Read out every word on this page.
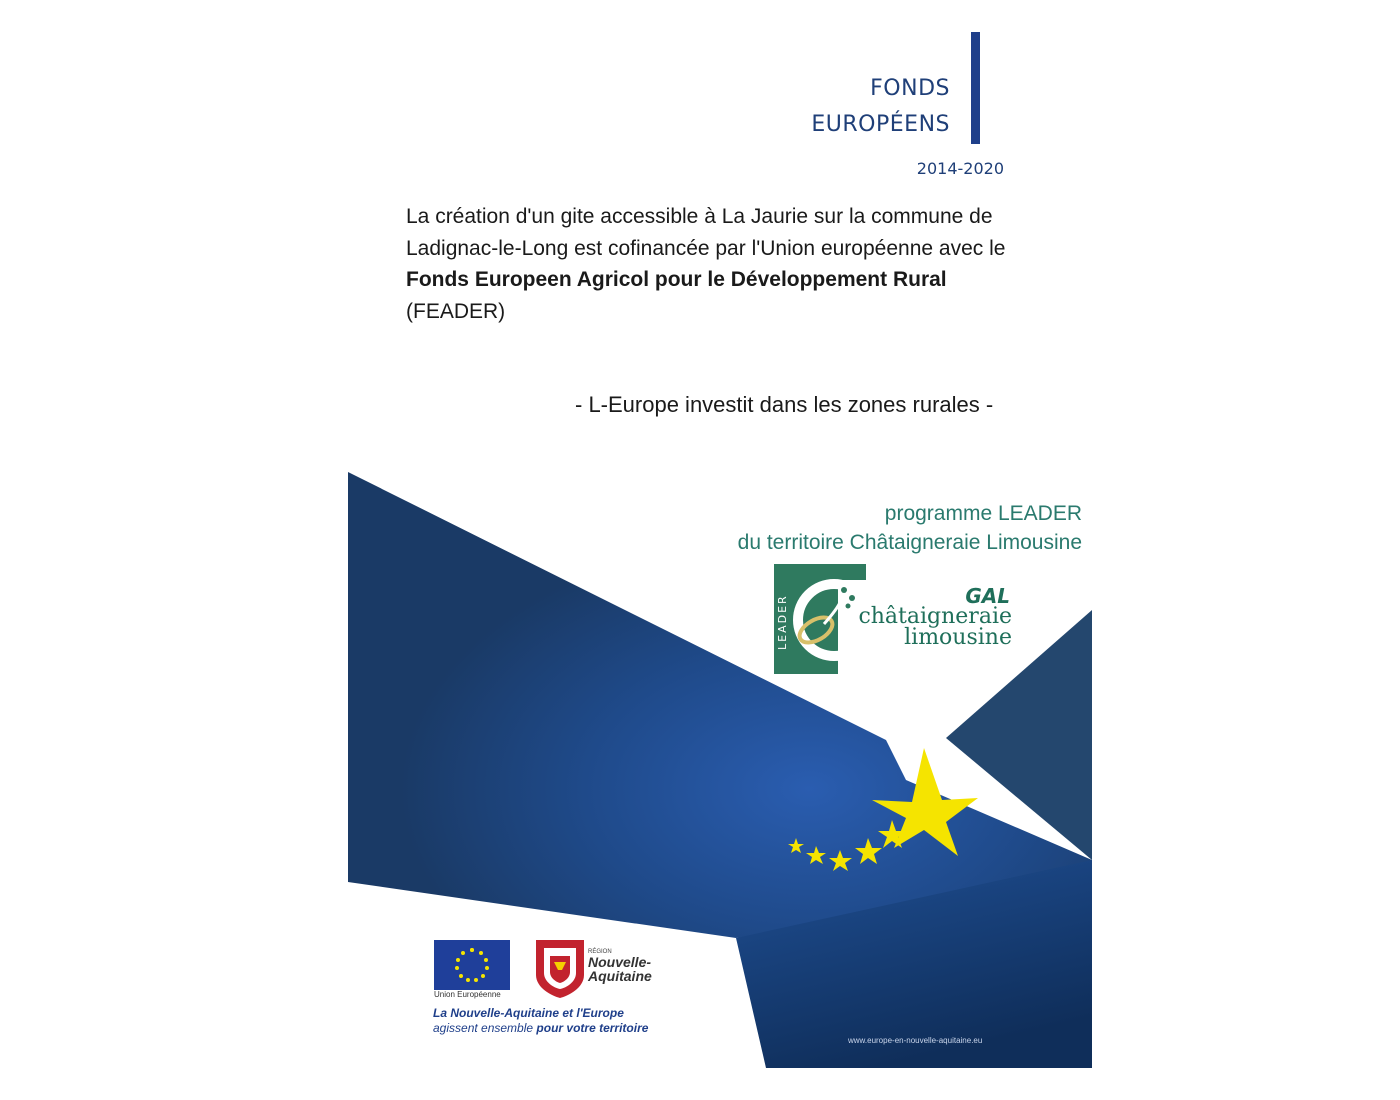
FONDS
EUROPÉENS
2014-2020
La création d'un gite accessible à La Jaurie sur la commune de
Ladignac-le-Long est cofinancée par l'Union européenne avec le
Fonds Europeen Agricol pour le Développement Rural
(FEADER)
- L-Europe investit dans les zones rurales -
LEADER
programme LEADER
du territoire Châtaigneraie Limousine
GAL
châtaigneraie
limousine
Union Européenne
RÉGION
Nouvelle-
Aquitaine
La Nouvelle-Aquitaine et l'Europe
agissent ensemble pour votre territoire
www.europe-en-nouvelle-aquitaine.eu
